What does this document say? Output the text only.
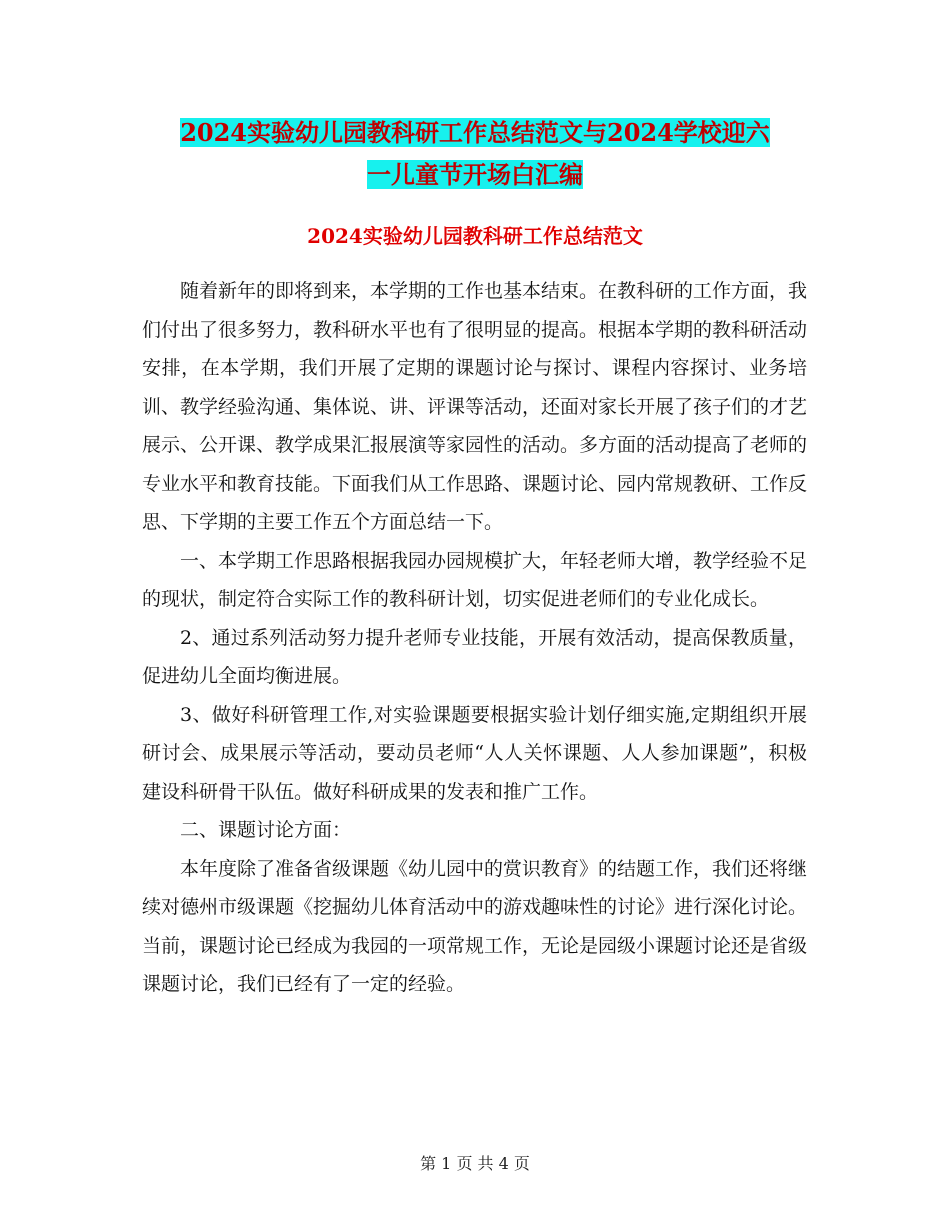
2024实验幼儿园教科研工作总结范文与2024学校迎六
一儿童节开场白汇编
2024实验幼儿园教科研工作总结范文

随着新年的即将到来，本学期的工作也基本结束。在教科研的工作方面，我们付出了很多努力，教科研水平也有了很明显的提高。根据本学期的教科研活动安排，在本学期，我们开展了定期的课题讨论与探讨、课程内容探讨、业务培训、教学经验沟通、集体说、讲、评课等活动，还面对家长开展了孩子们的才艺展示、公开课、教学成果汇报展演等家园性的活动。多方面的活动提高了老师的专业水平和教育技能。下面我们从工作思路、课题讨论、园内常规教研、工作反思、下学期的主要工作五个方面总结一下。

一、本学期工作思路根据我园办园规模扩大，年轻老师大增，教学经验不足的现状，制定符合实际工作的教科研计划，切实促进老师们的专业化成长。

2、通过系列活动努力提升老师专业技能，开展有效活动，提高保教质量，促进幼儿全面均衡进展。

3、做好科研管理工作,对实验课题要根据实验计划仔细实施,定期组织开展研讨会、成果展示等活动，要动员老师“人人关怀课题、人人参加课题”，积极建设科研骨干队伍。做好科研成果的发表和推广工作。

二、课题讨论方面：

本年度除了准备省级课题《幼儿园中的赏识教育》的结题工作，我们还将继续对德州市级课题《挖掘幼儿体育活动中的游戏趣味性的讨论》进行深化讨论。当前，课题讨论已经成为我园的一项常规工作，无论是园级小课题讨论还是省级课题讨论，我们已经有了一定的经验。

第 1 页 共 4 页
